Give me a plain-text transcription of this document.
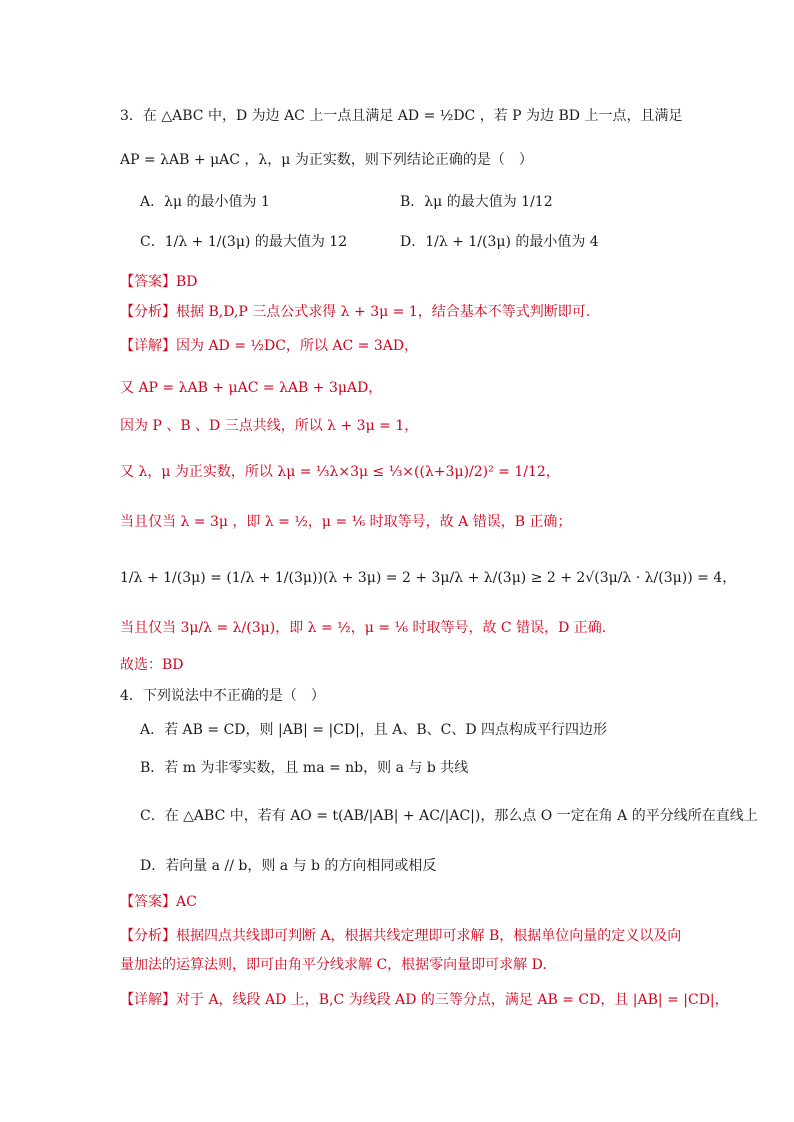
3．在 △ABC 中，D 为边 AC 上一点且满足 AD = ½DC ，若 P 为边 BD 上一点，且满足
AP = λAB + μAC ，λ，μ 为正实数，则下列结论正确的是（　）
A．λμ 的最小值为 1	B．λμ 的最大值为 1/12
C．1/λ + 1/(3μ) 的最大值为 12	D．1/λ + 1/(3μ) 的最小值为 4
【答案】BD
【分析】根据 B,D,P 三点公式求得 λ + 3μ = 1，结合基本不等式判断即可.
【详解】因为 AD = ½DC，所以 AC = 3AD，
又 AP = λAB + μAC = λAB + 3μAD，
因为 P 、B 、D 三点共线，所以 λ + 3μ = 1，
又 λ，μ 为正实数，所以 λμ = ⅓λ×3μ ≤ ⅓×((λ+3μ)/2)² = 1/12，
当且仅当 λ = 3μ ，即 λ = ½，μ = ⅙ 时取等号，故 A 错误，B 正确；
1/λ + 1/(3μ) = (1/λ + 1/(3μ))(λ + 3μ) = 2 + 3μ/λ + λ/(3μ) ≥ 2 + 2√(3μ/λ · λ/(3μ)) = 4，
当且仅当 3μ/λ = λ/(3μ)，即 λ = ½，μ = ⅙ 时取等号，故 C 错误，D 正确.
故选：BD
4．下列说法中不正确的是（　）
A．若 AB = CD，则 |AB| = |CD|，且 A、B、C、D 四点构成平行四边形
B．若 m 为非零实数，且 ma = nb，则 a 与 b 共线
C．在 △ABC 中，若有 AO = t(AB/|AB| + AC/|AC|)，那么点 O 一定在角 A 的平分线所在直线上
D．若向量 a // b，则 a 与 b 的方向相同或相反
【答案】AC
【分析】根据四点共线即可判断 A，根据共线定理即可求解 B，根据单位向量的定义以及向
量加法的运算法则，即可由角平分线求解 C，根据零向量即可求解 D.
【详解】对于 A，线段 AD 上，B,C 为线段 AD 的三等分点，满足 AB = CD，且 |AB| = |CD|，
